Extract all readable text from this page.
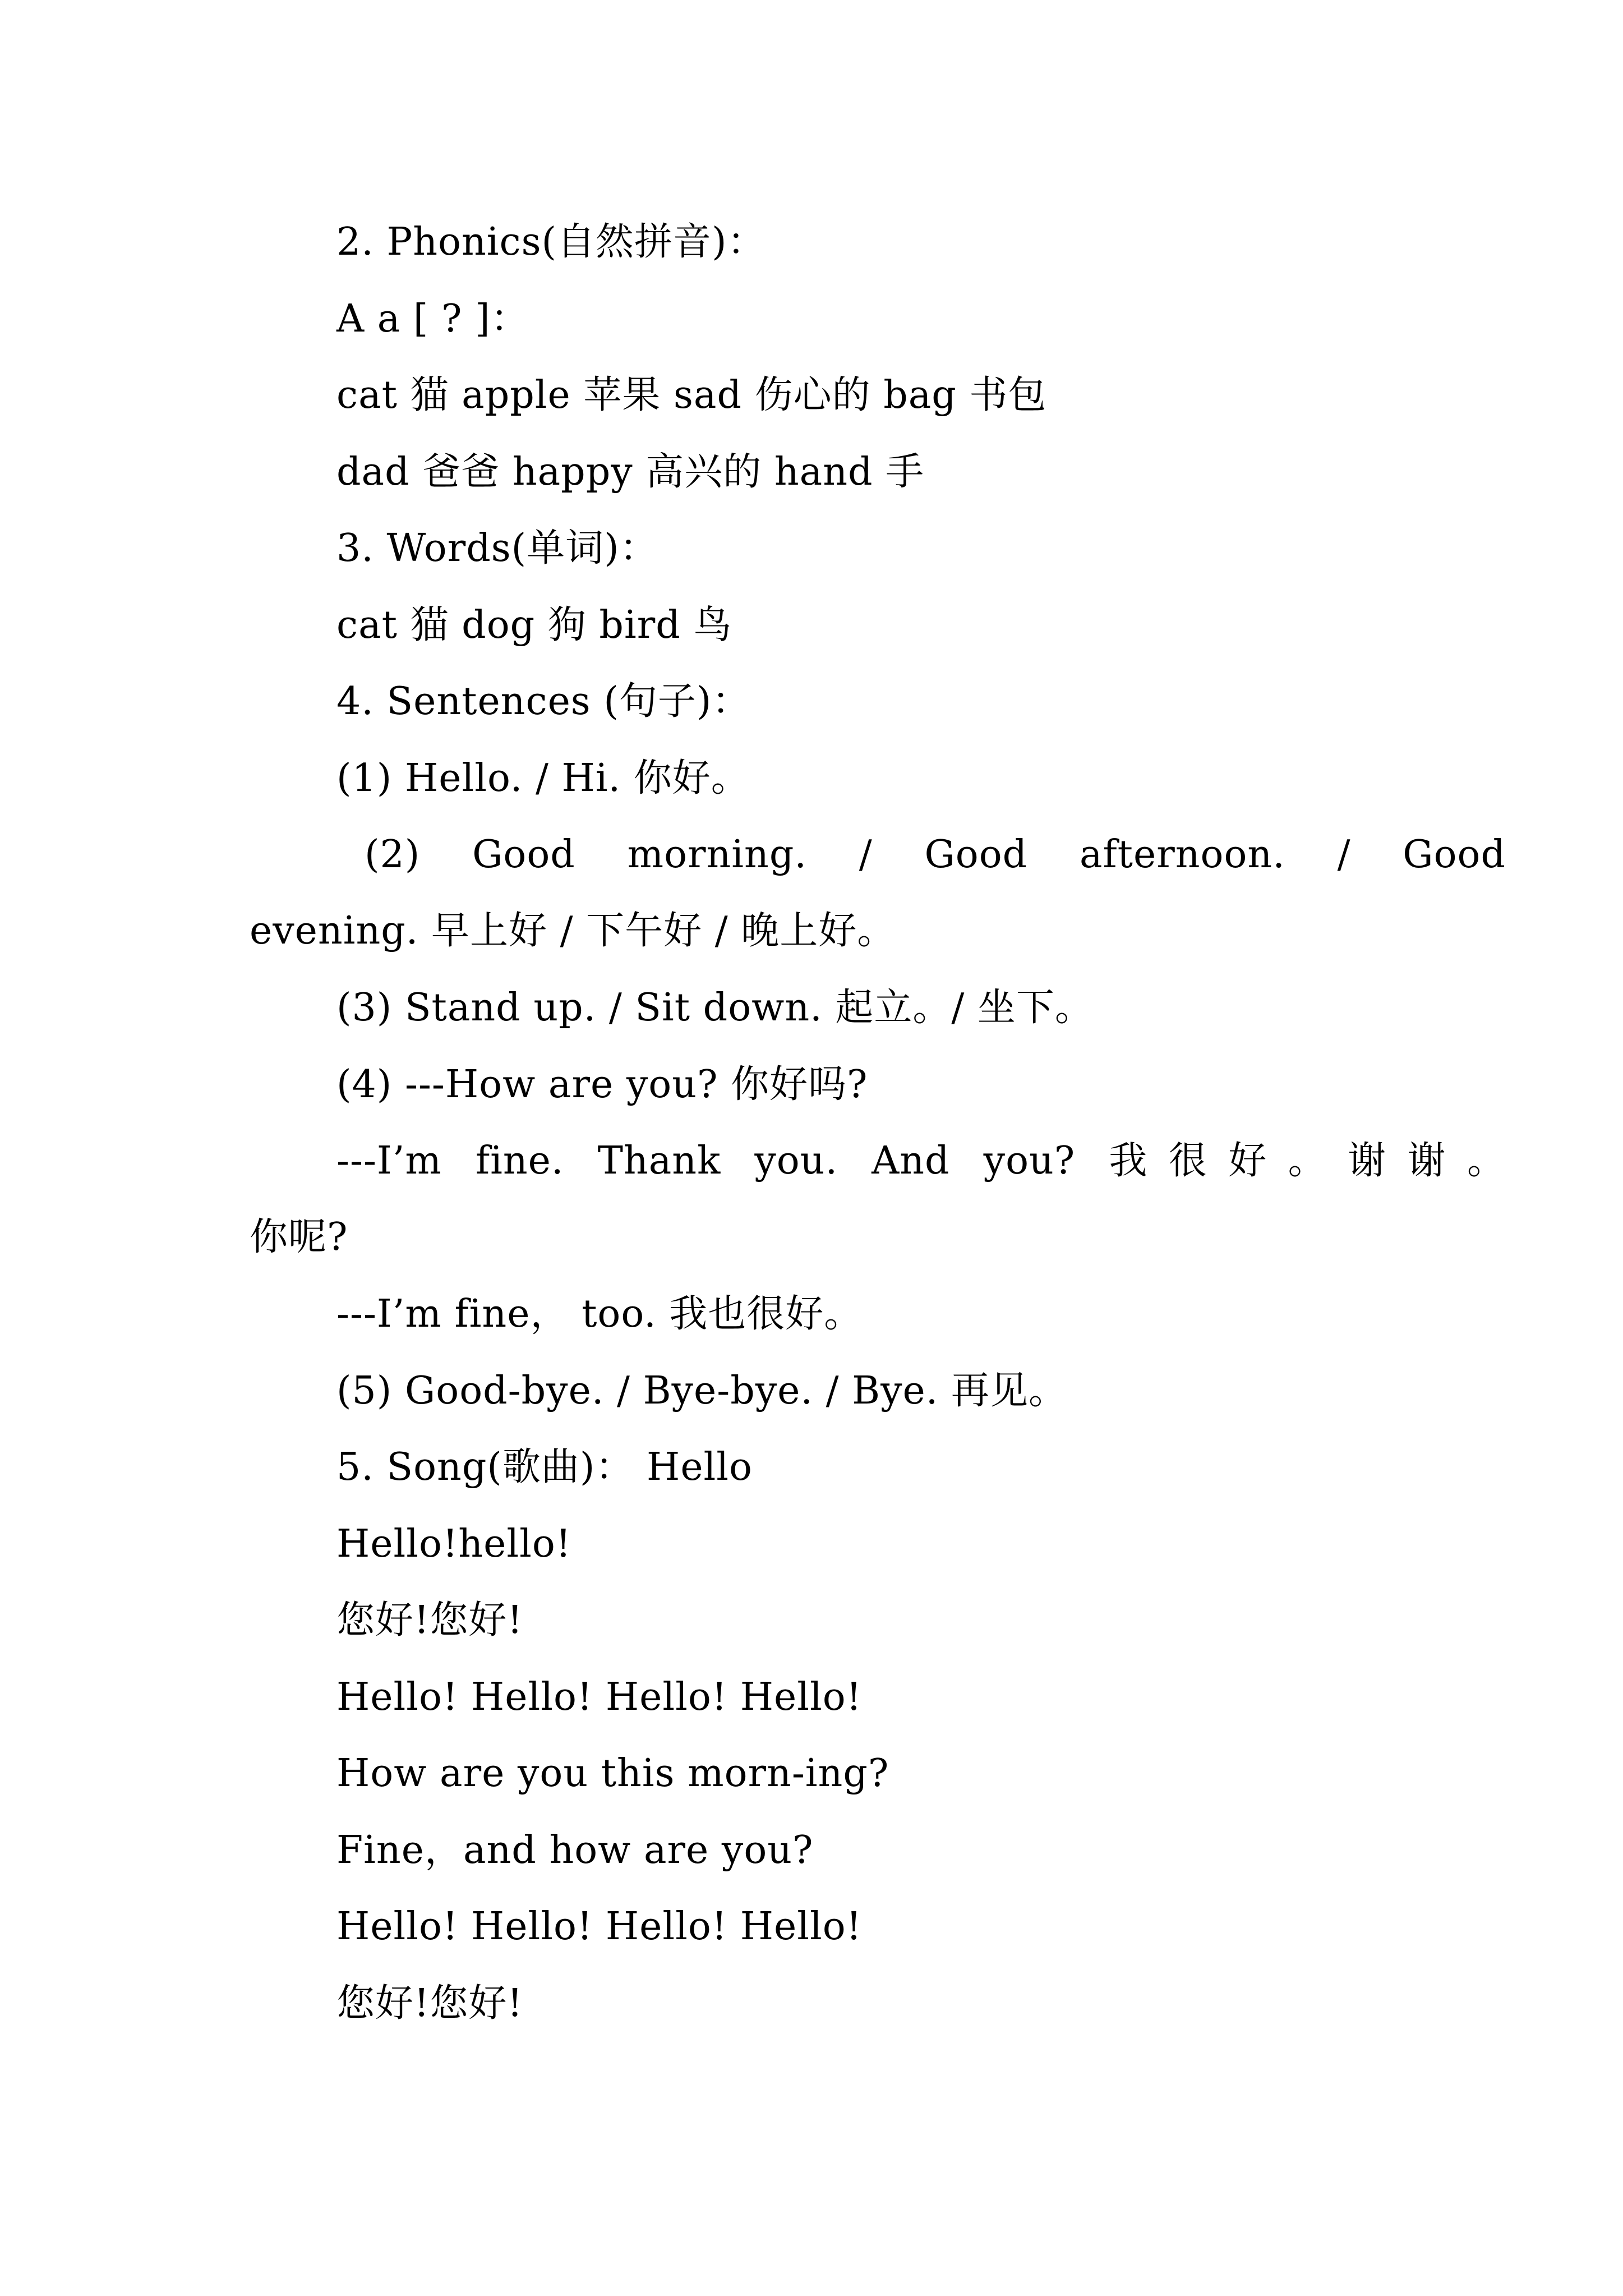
2. Phonics(自然拼音)：
A a [ ? ]：
cat 猫 apple 苹果 sad 伤心的 bag 书包
dad 爸爸 happy 高兴的 hand 手
3. Words(单词)：
cat 猫 dog 狗 bird 鸟
4. Sentences (句子)：
(1) Hello. / Hi. 你好。
(2) Good morning. / Good afternoon. / Good
evening. 早上好 / 下午好 / 晚上好。
(3) Stand up. / Sit down. 起立。/ 坐下。
(4) ---How are you? 你好吗?
---I’m fine. Thank you. And you? 我很好。谢谢。
你呢?
---I’m fine， too. 我也很好。
(5) Good-bye. / Bye-bye. / Bye. 再见。
5. Song(歌曲)： Hello
Hello!hello!
您好!您好!
Hello! Hello! Hello! Hello!
How are you this morn-ing?
Fine，and how are you?
Hello! Hello! Hello! Hello!
您好!您好!
